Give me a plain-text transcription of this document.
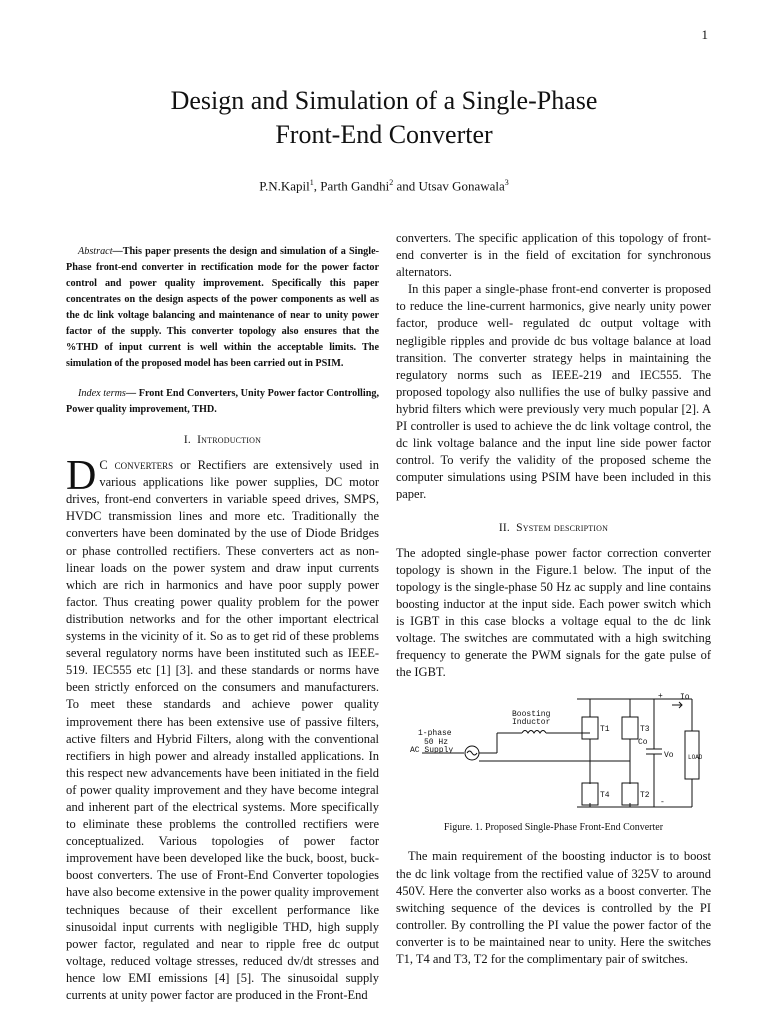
1
Design and Simulation of a Single-Phase
Front-End Converter
P.N.Kapil$^1$, Parth Gandhi$^2$ and Utsav Gonawala$^3$

Abstract—This paper presents the design and simulation of a Single-Phase front-end converter in rectification mode for the power factor control and power quality improvement. Specifically this paper concentrates on the design aspects of the power components as well as the dc link voltage balancing and maintenance of near to unity power factor of the supply. This converter topology also ensures that the %THD of input current is well within the acceptable limits. The simulation of the proposed model has been carried out in PSIM.

Index terms— Front End Converters, Unity Power factor Controlling, Power quality improvement, THD.

I. Introduction

D C converters or Rectifiers are extensively used in various applications like power supplies, DC motor drives, front-end converters in variable speed drives, SMPS, HVDC transmission lines and more etc. Traditionally the converters have been dominated by the use of Diode Bridges or phase controlled rectifiers. These converters act as non-linear loads on the power system and draw input currents which are rich in harmonics and have poor supply power factor. Thus creating power quality problem for the power distribution networks and for the other important electrical systems in the vicinity of it. So as to get rid of these problems several regulatory norms have been instituted such as IEEE-519. IEC555 etc [1] [3]. and these standards or norms have been strictly enforced on the consumers and manufacturers. To meet these standards and achieve power quality improvement there has been extensive use of passive filters, active filters and Hybrid Filters, along with the conventional rectifiers in high power and already installed applications. In this respect new advancements have been initiated in the field of power quality improvement and they have become integral and inherent part of the electrical systems. More specifically to eliminate these problems the controlled rectifiers were conceptualized. Various topologies of power factor improvement have been developed like the buck, boost, buck-boost converters. The use of Front-End Converter topologies have also become extensive in the power quality improvement techniques because of their excellent performance like sinusoidal input currents with negligible THD, high supply power factor, regulated and near to ripple free dc output voltage, reduced voltage stresses, reduced dv/dt stresses and hence low EMI emissions [4] [5]. The sinusoidal supply currents at unity power factor are produced in the Front-End

converters. The specific application of this topology of front-end converter is in the field of excitation for synchronous alternators.

In this paper a single-phase front-end converter is proposed to reduce the line-current harmonics, give nearly unity power factor, produce well- regulated dc output voltage with negligible ripples and provide dc bus voltage balance at load transition. The converter strategy helps in maintaining the regulatory norms such as IEEE-219 and IEC555. The proposed topology also nullifies the use of bulky passive and hybrid filters which were previously very much popular [2]. A PI controller is used to achieve the dc link voltage control, the dc link voltage balance and the input line side power factor control. To verify the validity of the proposed scheme the computer simulations using PSIM have been included in this paper.

II. System description

The adopted single-phase power factor correction converter topology is shown in the Figure.1 below. The input of the topology is the single-phase 50 Hz ac supply and line contains boosting inductor at the input side. Each power switch which is IGBT in this case blocks a voltage equal to the dc link voltage. The switches are commutated with a high switching frequency to generate the PWM signals for the gate pulse of the IGBT.

Boosting
Inductor
1-phase
50 Hz
AC Supply
T1	T3
T4	T2
Co
Vo
Io
+
-
LOAD
Figure. 1. Proposed Single-Phase Front-End Converter

The main requirement of the boosting inductor is to boost the dc link voltage from the rectified value of 325V to around 450V. Here the converter also works as a boost converter. The switching sequence of the devices is controlled by the PI controller. By controlling the PI value the power factor of the converter is to be maintained near to unity. Here the switches T1, T4 and T3, T2 for the complimentary pair of switches.
